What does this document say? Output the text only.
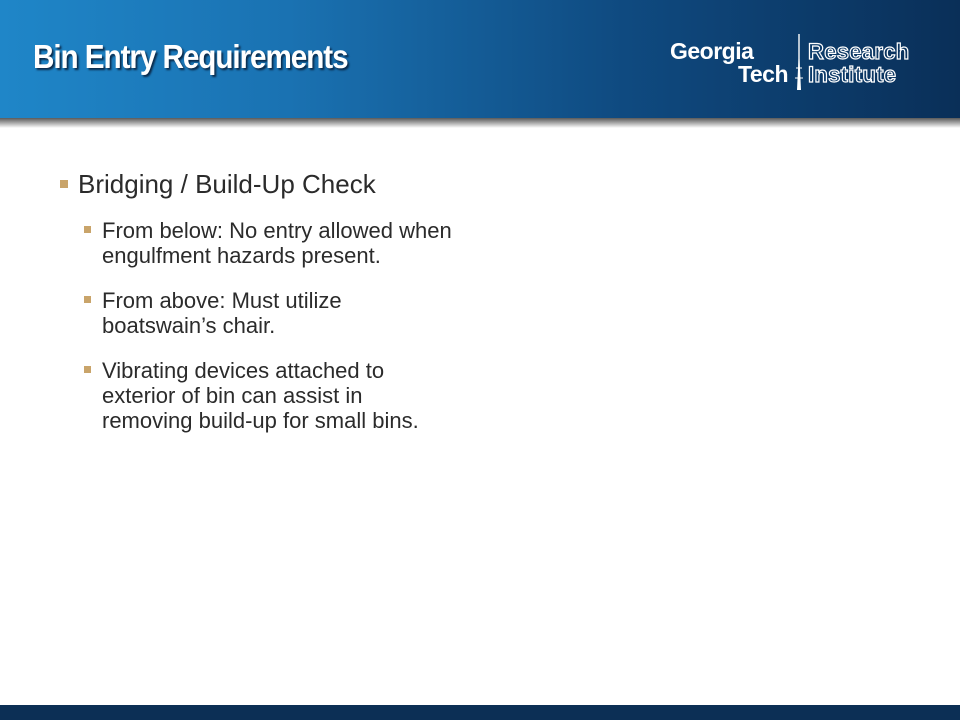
Bin Entry Requirements	Georgia
Tech
Research
Institute
Bridging / Build-Up Check
From below: No entry allowed when engulfment hazards present.
From above: Must utilize boatswain’s chair.
Vibrating devices attached to exterior of bin can assist in removing build-up for small bins.
